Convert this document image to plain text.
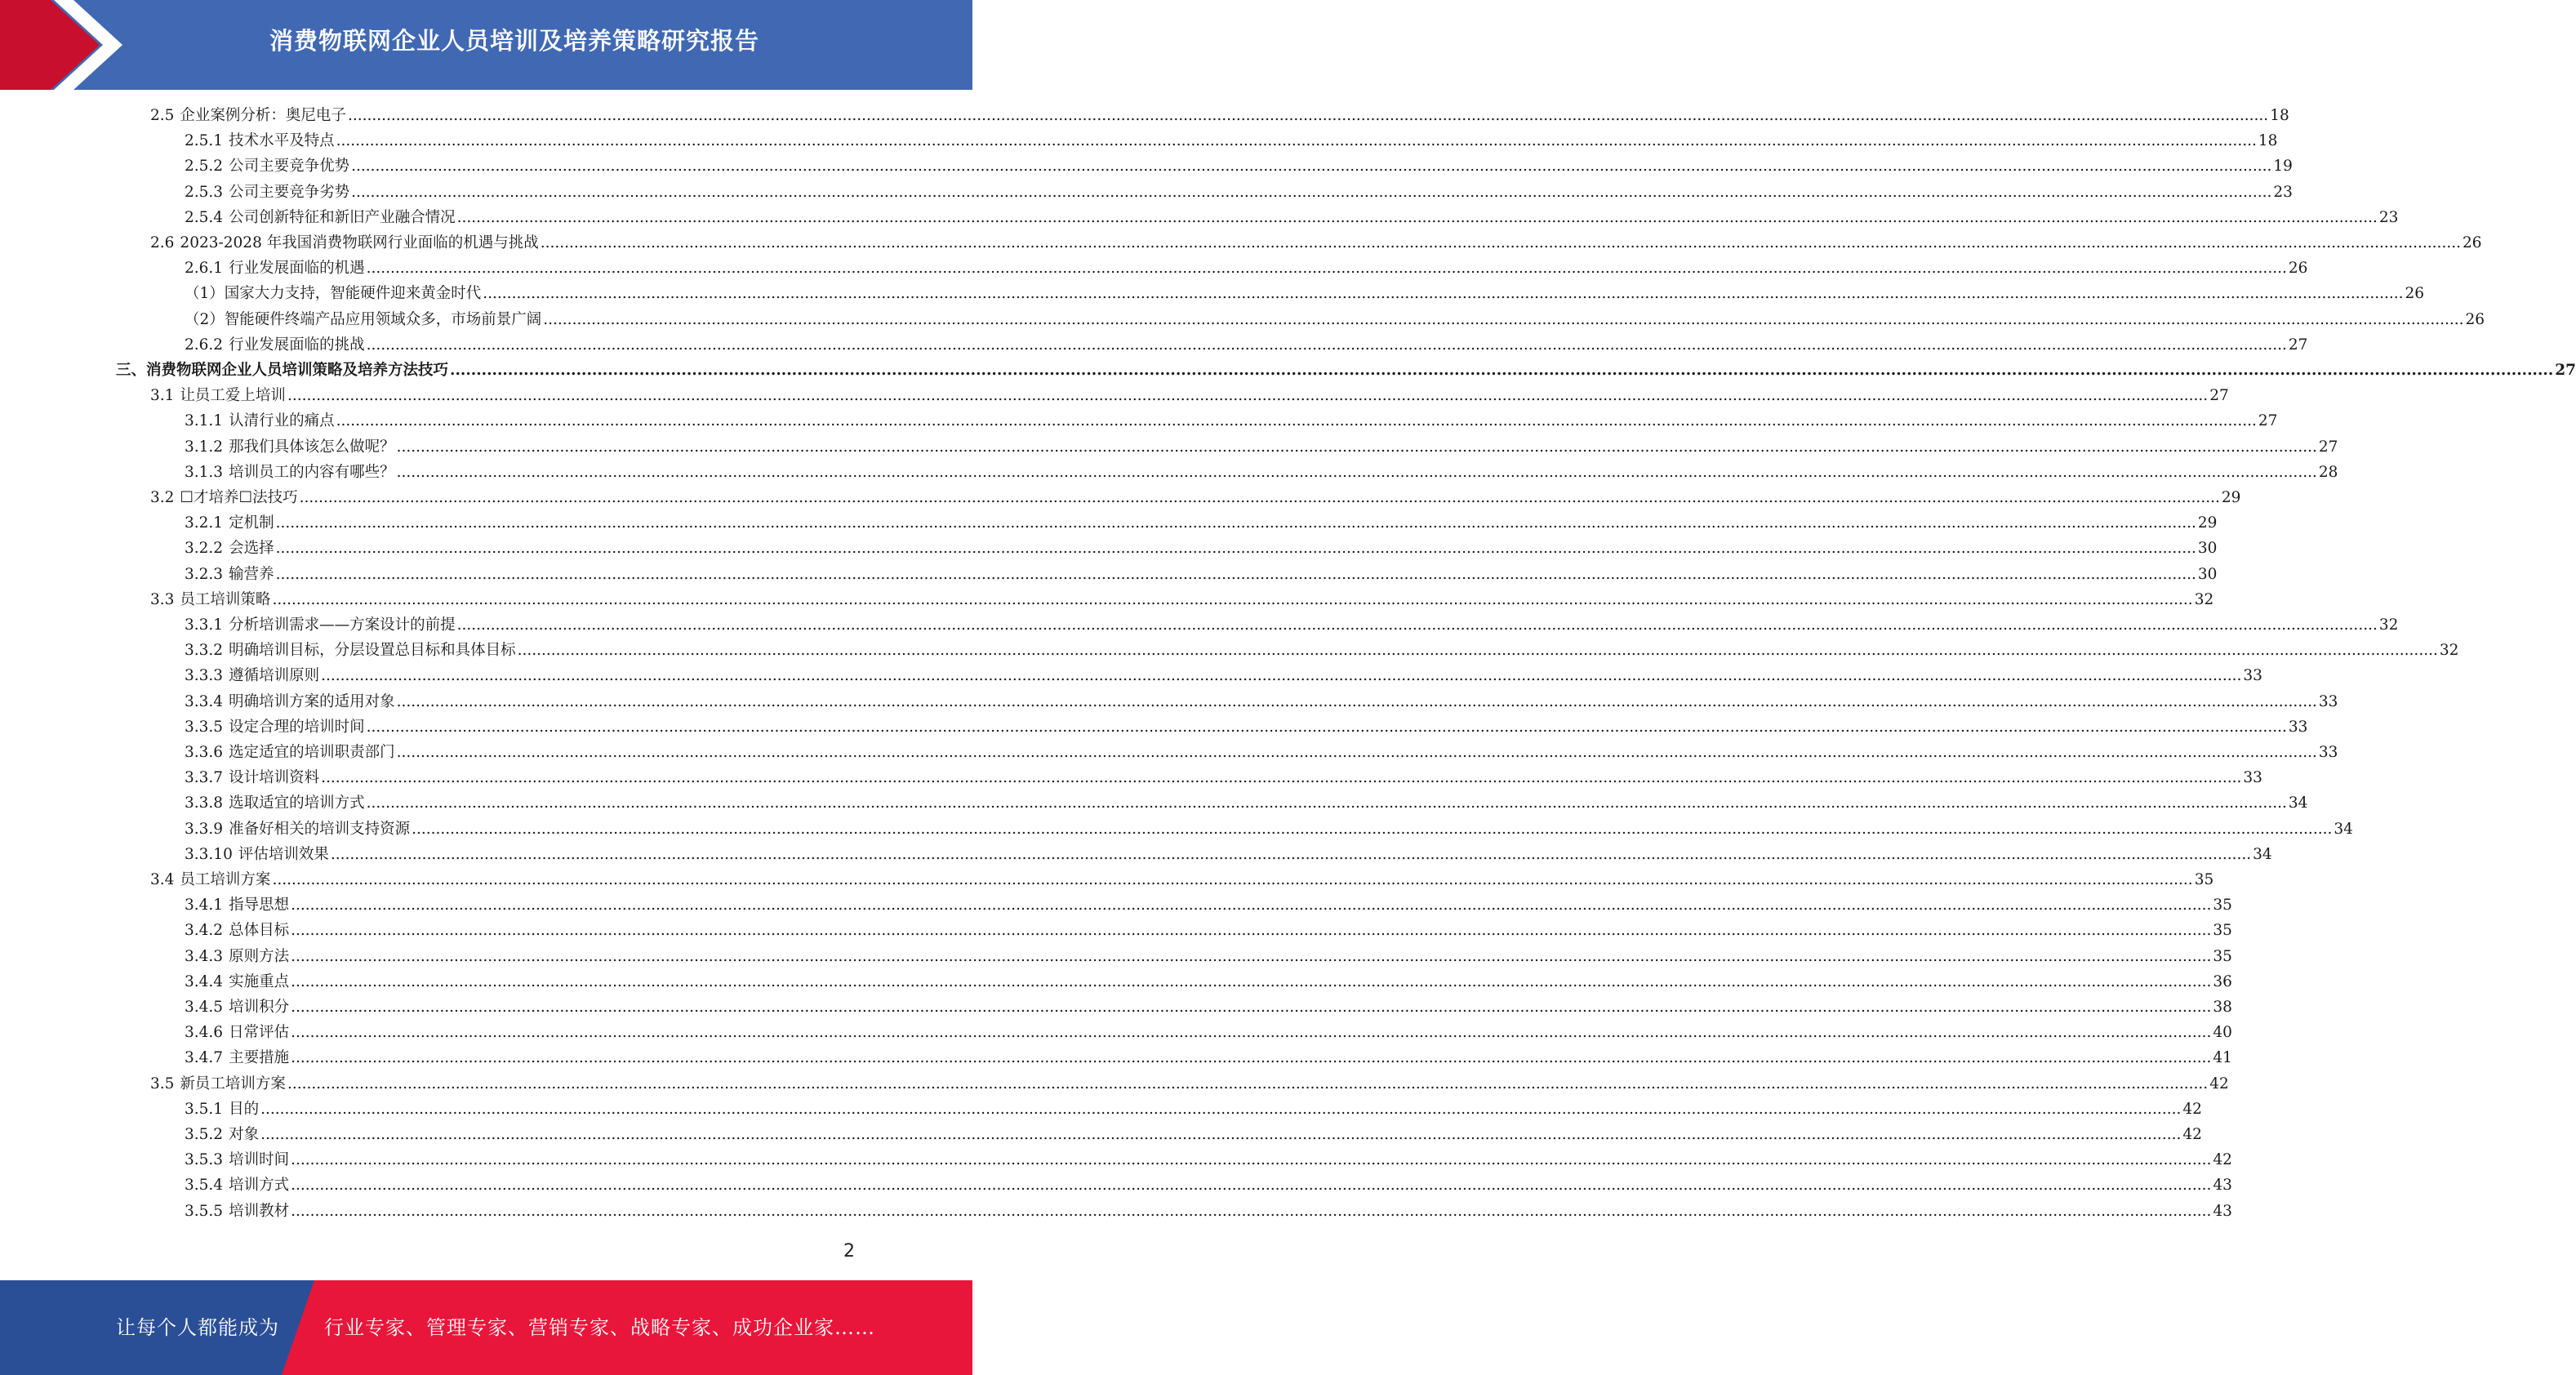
消费物联网企业人员培训及培养策略研究报告
2.5 企业案例分析：奥尼电子 ................................................................................................................................................................................................................................................................................................................................................................................................................ 18
2.5.1 技术水平及特点 ................................................................................................................................................................................................................................................................................................................................................................................................................ 18
2.5.2 公司主要竞争优势 ................................................................................................................................................................................................................................................................................................................................................................................................................ 19
2.5.3 公司主要竞争劣势 ................................................................................................................................................................................................................................................................................................................................................................................................................ 23
2.5.4 公司创新特征和新旧产业融合情况 ................................................................................................................................................................................................................................................................................................................................................................................................................ 23
2.6 2023-2028 年我国消费物联网行业面临的机遇与挑战 ................................................................................................................................................................................................................................................................................................................................................................................................................ 26
2.6.1 行业发展面临的机遇 ................................................................................................................................................................................................................................................................................................................................................................................................................ 26
（1）国家大力支持，智能硬件迎来黄金时代 ................................................................................................................................................................................................................................................................................................................................................................................................................ 26
（2）智能硬件终端产品应用领域众多，市场前景广阔 ................................................................................................................................................................................................................................................................................................................................................................................................................ 26
2.6.2 行业发展面临的挑战 ................................................................................................................................................................................................................................................................................................................................................................................................................ 27
三、消费物联网企业人员培训策略及培养方法技巧 ................................................................................................................................................................................................................................................................................................................................................................................................................ 27
3.1 让员工爱上培训 ................................................................................................................................................................................................................................................................................................................................................................................................................ 27
3.1.1 认清行业的痛点 ................................................................................................................................................................................................................................................................................................................................................................................................................ 27
3.1.2 那我们具体该怎么做呢？ ................................................................................................................................................................................................................................................................................................................................................................................................................ 27
3.1.3 培训员工的内容有哪些？ ................................................................................................................................................................................................................................................................................................................................................................................................................ 28
3.2 ☐才培养☐法技巧 ................................................................................................................................................................................................................................................................................................................................................................................................................ 29
3.2.1 定机制 ................................................................................................................................................................................................................................................................................................................................................................................................................ 29
3.2.2 会选择 ................................................................................................................................................................................................................................................................................................................................................................................................................ 30
3.2.3 输营养 ................................................................................................................................................................................................................................................................................................................................................................................................................ 30
3.3 员工培训策略 ................................................................................................................................................................................................................................................................................................................................................................................................................ 32
3.3.1 分析培训需求——方案设计的前提 ................................................................................................................................................................................................................................................................................................................................................................................................................ 32
3.3.2 明确培训目标，分层设置总目标和具体目标 ................................................................................................................................................................................................................................................................................................................................................................................................................ 32
3.3.3 遵循培训原则 ................................................................................................................................................................................................................................................................................................................................................................................................................ 33
3.3.4 明确培训方案的适用对象 ................................................................................................................................................................................................................................................................................................................................................................................................................ 33
3.3.5 设定合理的培训时间 ................................................................................................................................................................................................................................................................................................................................................................................................................ 33
3.3.6 选定适宜的培训职责部门 ................................................................................................................................................................................................................................................................................................................................................................................................................ 33
3.3.7 设计培训资料 ................................................................................................................................................................................................................................................................................................................................................................................................................ 33
3.3.8 选取适宜的培训方式 ................................................................................................................................................................................................................................................................................................................................................................................................................ 34
3.3.9 准备好相关的培训支持资源 ................................................................................................................................................................................................................................................................................................................................................................................................................ 34
3.3.10 评估培训效果 ................................................................................................................................................................................................................................................................................................................................................................................................................ 34
3.4 员工培训方案 ................................................................................................................................................................................................................................................................................................................................................................................................................ 35
3.4.1 指导思想 ................................................................................................................................................................................................................................................................................................................................................................................................................ 35
3.4.2 总体目标 ................................................................................................................................................................................................................................................................................................................................................................................................................ 35
3.4.3 原则方法 ................................................................................................................................................................................................................................................................................................................................................................................................................ 35
3.4.4 实施重点 ................................................................................................................................................................................................................................................................................................................................................................................................................ 36
3.4.5 培训积分 ................................................................................................................................................................................................................................................................................................................................................................................................................ 38
3.4.6 日常评估 ................................................................................................................................................................................................................................................................................................................................................................................................................ 40
3.4.7 主要措施 ................................................................................................................................................................................................................................................................................................................................................................................................................ 41
3.5 新员工培训方案 ................................................................................................................................................................................................................................................................................................................................................................................................................ 42
3.5.1 目的 ................................................................................................................................................................................................................................................................................................................................................................................................................ 42
3.5.2 对象 ................................................................................................................................................................................................................................................................................................................................................................................................................ 42
3.5.3 培训时间 ................................................................................................................................................................................................................................................................................................................................................................................................................ 42
3.5.4 培训方式 ................................................................................................................................................................................................................................................................................................................................................................................................................ 43
3.5.5 培训教材 ................................................................................................................................................................................................................................................................................................................................................................................................................ 43
2
让每个人都能成为 行业专家、管理专家、营销专家、战略专家、成功企业家……
